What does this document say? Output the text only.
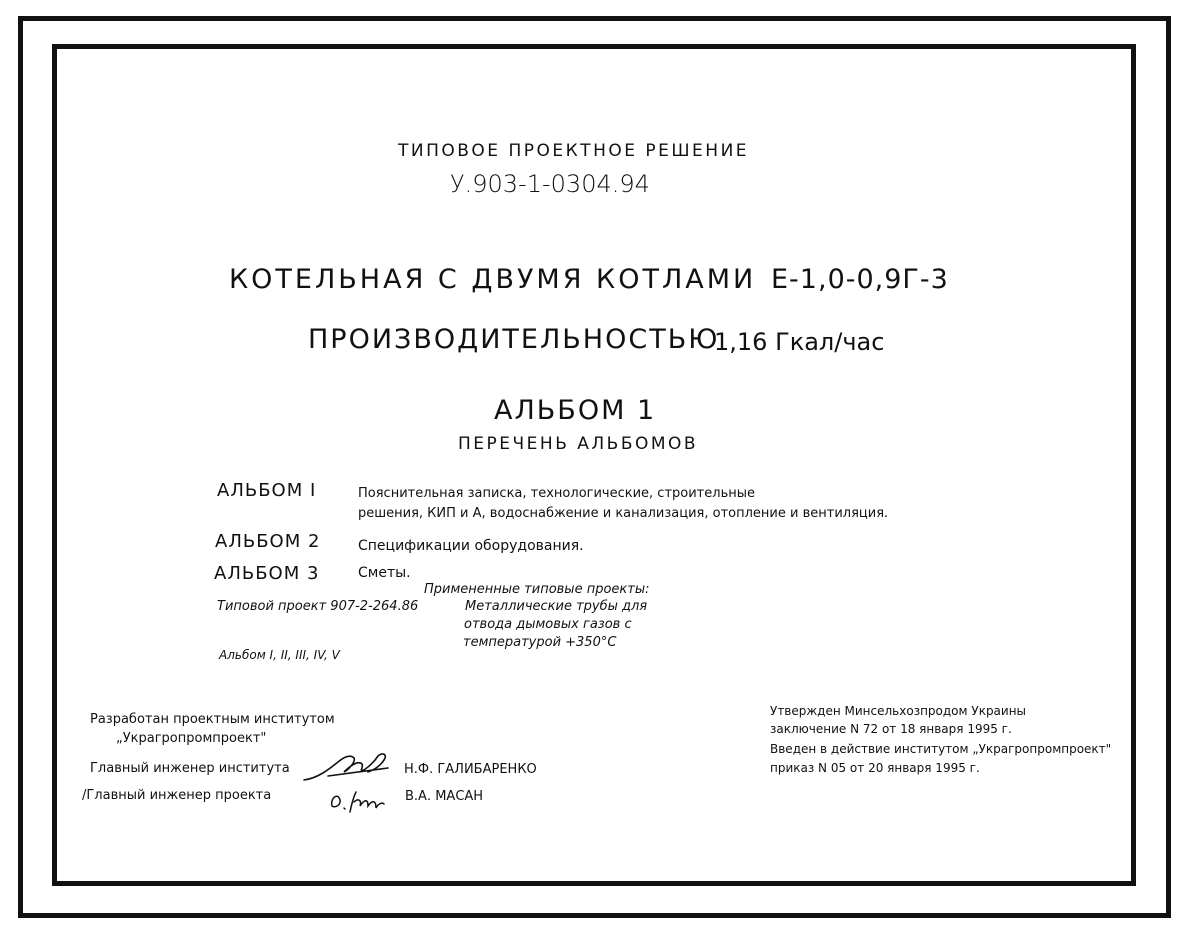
ТИПОВОЕ ПРОЕКТНОЕ РЕШЕНИЕ
У.903-1-0304.94
КОТЕЛЬНАЯ С ДВУМЯ КОТЛАМИ Е-1,0-0,9Г-3
ПРОИЗВОДИТЕЛЬНОСТЬЮ
1,16 Гкал/час
АЛЬБОМ 1
ПЕРЕЧЕНЬ АЛЬБОМОВ
АЛЬБОМ I	Пояснительная записка, технологические, строительные
решения, КИП и А, водоснабжение и канализация, отопление и вентиляция.
АЛЬБОМ 2	Спецификации оборудования.
АЛЬБОМ 3	Сметы.
Примененные типовые проекты:
Типовой проект 907-2-264.86	Металлические трубы для
отвода дымовых газов с
температурой +350°С
Альбом I, II, III, IV, V
Разработан проектным институтом
„Украгропромпроект"
Главный инженер института	Н.Ф. ГАЛИБАРЕНКО
/Главный инженер проекта	В.А. МАСАН
Утвержден Минсельхозпродом Украины
заключение N 72 от 18 января 1995 г.
Введен в действие институтом „Украгропромпроект"
приказ N 05 от 20 января 1995 г.
